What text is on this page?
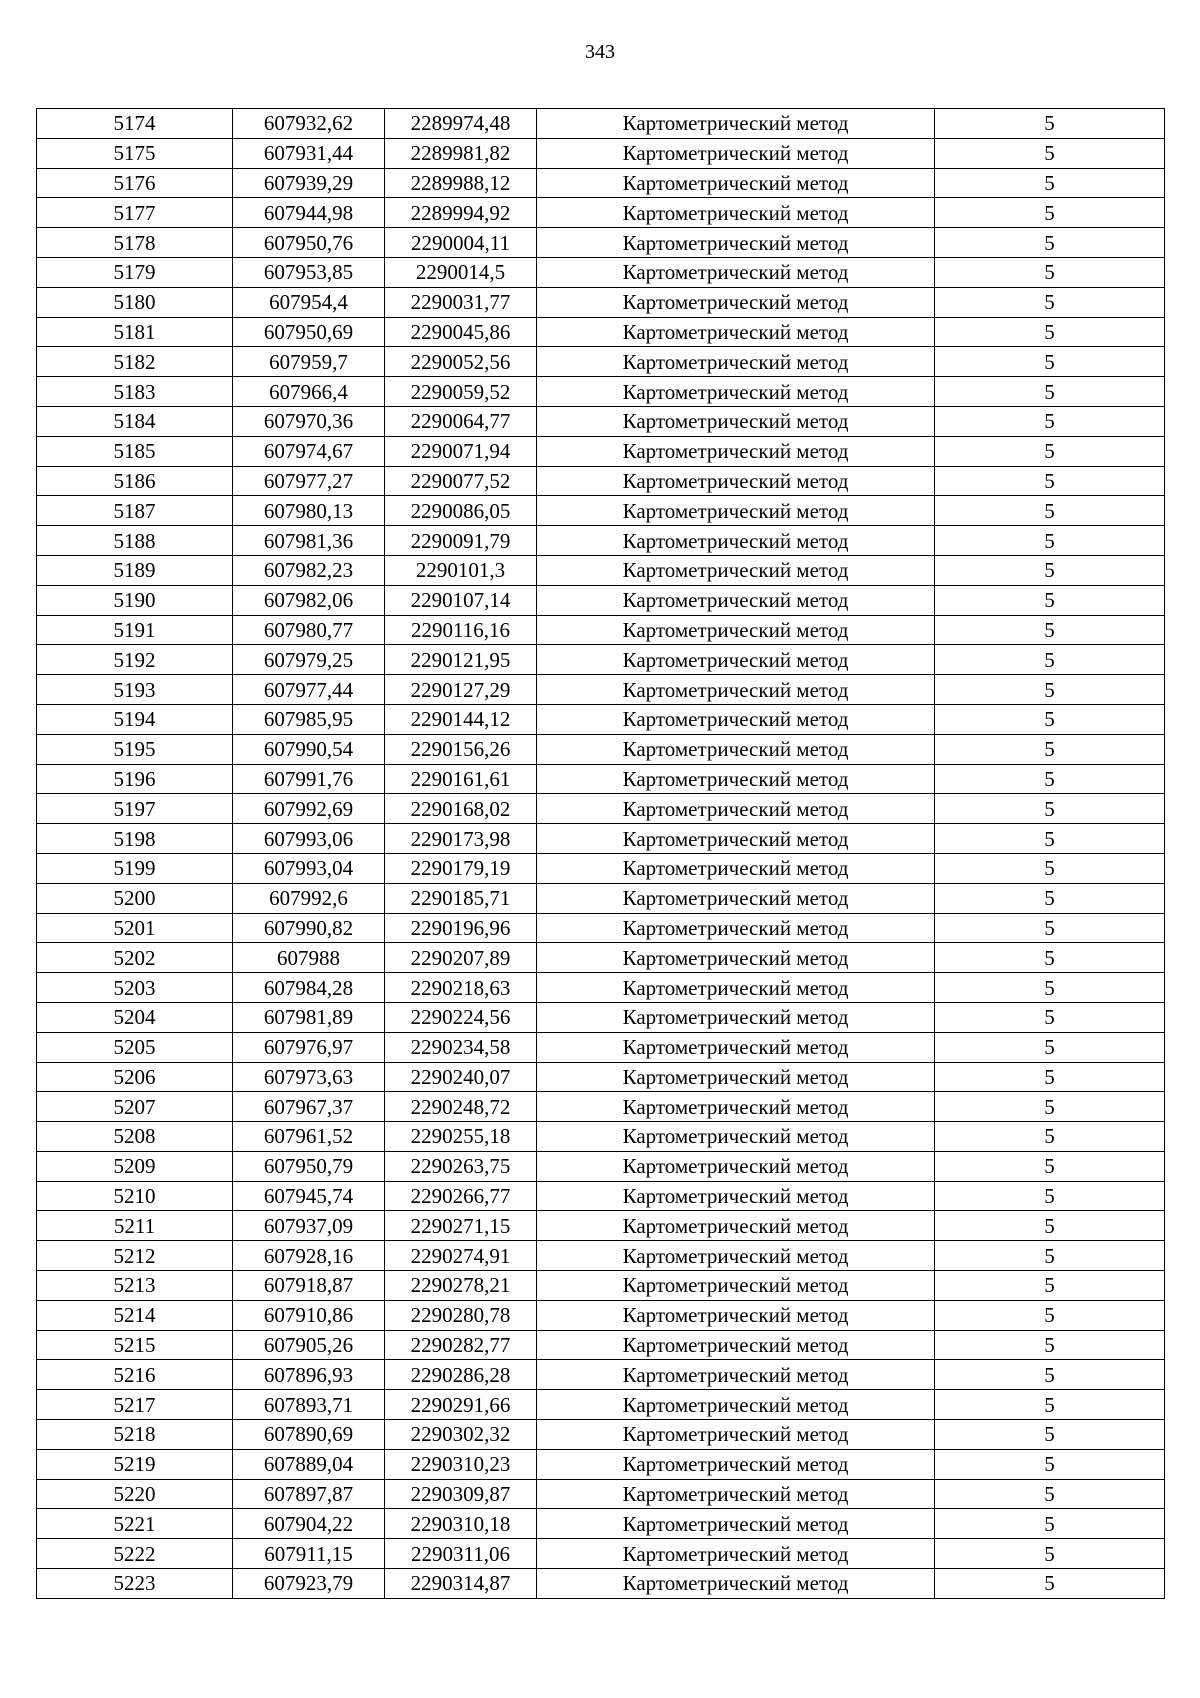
343
5174	607932,62	2289974,48	Картометрический метод	5
5175	607931,44	2289981,82	Картометрический метод	5
5176	607939,29	2289988,12	Картометрический метод	5
5177	607944,98	2289994,92	Картометрический метод	5
5178	607950,76	2290004,11	Картометрический метод	5
5179	607953,85	2290014,5	Картометрический метод	5
5180	607954,4	2290031,77	Картометрический метод	5
5181	607950,69	2290045,86	Картометрический метод	5
5182	607959,7	2290052,56	Картометрический метод	5
5183	607966,4	2290059,52	Картометрический метод	5
5184	607970,36	2290064,77	Картометрический метод	5
5185	607974,67	2290071,94	Картометрический метод	5
5186	607977,27	2290077,52	Картометрический метод	5
5187	607980,13	2290086,05	Картометрический метод	5
5188	607981,36	2290091,79	Картометрический метод	5
5189	607982,23	2290101,3	Картометрический метод	5
5190	607982,06	2290107,14	Картометрический метод	5
5191	607980,77	2290116,16	Картометрический метод	5
5192	607979,25	2290121,95	Картометрический метод	5
5193	607977,44	2290127,29	Картометрический метод	5
5194	607985,95	2290144,12	Картометрический метод	5
5195	607990,54	2290156,26	Картометрический метод	5
5196	607991,76	2290161,61	Картометрический метод	5
5197	607992,69	2290168,02	Картометрический метод	5
5198	607993,06	2290173,98	Картометрический метод	5
5199	607993,04	2290179,19	Картометрический метод	5
5200	607992,6	2290185,71	Картометрический метод	5
5201	607990,82	2290196,96	Картометрический метод	5
5202	607988	2290207,89	Картометрический метод	5
5203	607984,28	2290218,63	Картометрический метод	5
5204	607981,89	2290224,56	Картометрический метод	5
5205	607976,97	2290234,58	Картометрический метод	5
5206	607973,63	2290240,07	Картометрический метод	5
5207	607967,37	2290248,72	Картометрический метод	5
5208	607961,52	2290255,18	Картометрический метод	5
5209	607950,79	2290263,75	Картометрический метод	5
5210	607945,74	2290266,77	Картометрический метод	5
5211	607937,09	2290271,15	Картометрический метод	5
5212	607928,16	2290274,91	Картометрический метод	5
5213	607918,87	2290278,21	Картометрический метод	5
5214	607910,86	2290280,78	Картометрический метод	5
5215	607905,26	2290282,77	Картометрический метод	5
5216	607896,93	2290286,28	Картометрический метод	5
5217	607893,71	2290291,66	Картометрический метод	5
5218	607890,69	2290302,32	Картометрический метод	5
5219	607889,04	2290310,23	Картометрический метод	5
5220	607897,87	2290309,87	Картометрический метод	5
5221	607904,22	2290310,18	Картометрический метод	5
5222	607911,15	2290311,06	Картометрический метод	5
5223	607923,79	2290314,87	Картометрический метод	5
